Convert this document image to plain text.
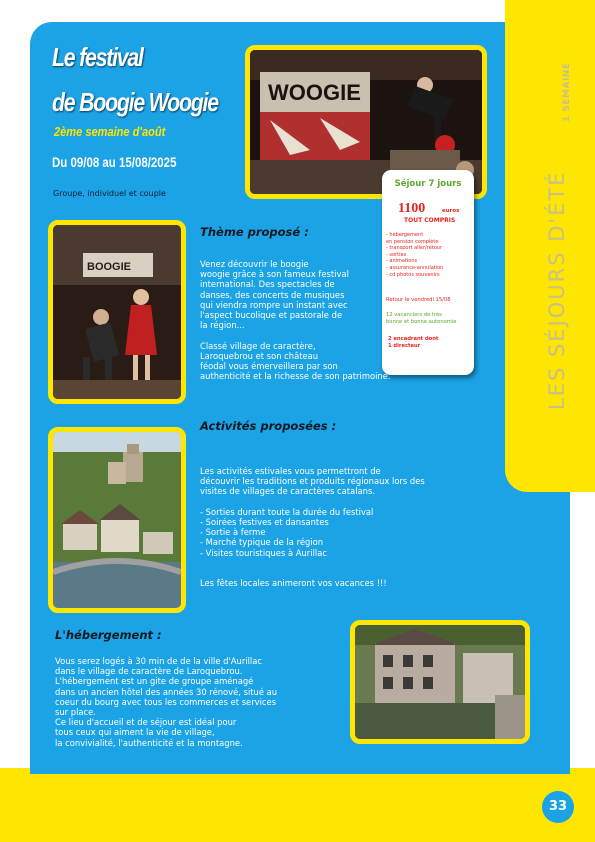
LES SÉJOURS D'ÉTÉ
1 SEMAINE
33
Le festival
de Boogie Woogie
2ème semaine d'août
Du 09/08 au 15/08/2025
Groupe, individuel et couple
WOOGIE
Séjour 7 jours
1100	euros
TOUT COMPRIS
- hébergement
en pension complète
- transport aller/retour
- sorties
- animations
- assurance-annulation
- cd photos souvenirs
Retour le vendredi 15/08
12 vacanciers de très
bonne et bonne autonomie
2 encadrant dont
1 directeur
BOOGIE
Thème proposé :
Venez découvrir le boogie
woogie grâce à son fameux festival
international. Des spectacles de
danses, des concerts de musiques
qui viendra rompre un instant avec
l'aspect bucolique et pastorale de
la région...
Classé village de caractère,
Laroquebrou et son château
féodal vous émerveillera par son
authenticité et la richesse de son patrimoine.
Activités proposées :
Les activités estivales vous permettront de
découvrir les traditions et produits régionaux lors des
visites de villages de caractères catalans.
- Sorties durant toute la durée du festival
- Soirées festives et dansantes
- Sortie à ferme
- Marché typique de la région
- Visites touristiques à Aurillac
Les fêtes locales animeront vos vacances !!!
L'hébergement :
Vous serez logés à 30 min de de la ville d'Aurillac
dans le village de caractère de Laroquebrou.
L'hébergement est un gite de groupe aménagé
dans un ancien hôtel des années 30 rénové, situé au
coeur du bourg avec tous les commerces et services
sur place.
Ce lieu d'accueil et de séjour est idéal pour
tous ceux qui aiment la vie de village,
la convivialité, l'authenticité et la montagne.
